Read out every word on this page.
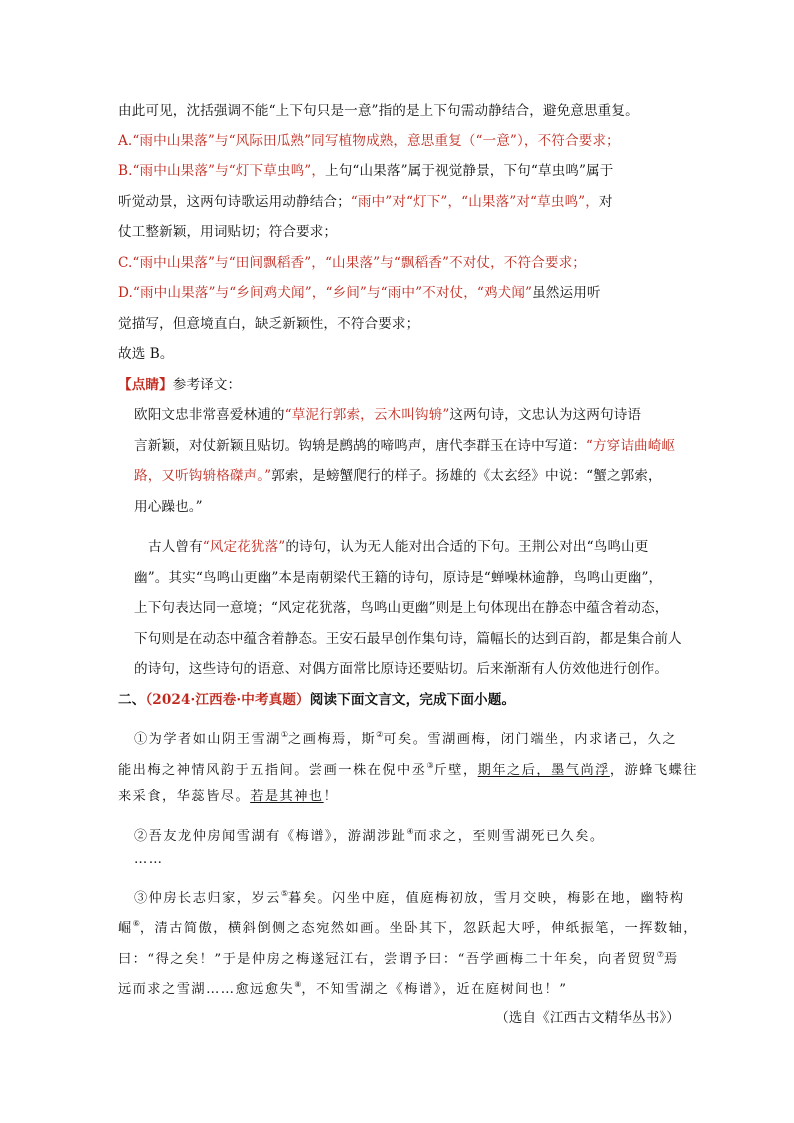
由此可见，沈括强调不能“上下句只是一意”指的是上下句需动静结合，避免意思重复。
A.“雨中山果落”与“风际田瓜熟”同写植物成熟，意思重复（“一意”），不符合要求；
B.“雨中山果落”与“灯下草虫鸣”，上句“山果落”属于视觉静景，下句“草虫鸣”属于
听觉动景，这两句诗歌运用动静结合；“雨中”对“灯下”，“山果落”对“草虫鸣”，对
仗工整新颖，用词贴切；符合要求；
C.“雨中山果落”与“田间飘稻香”，“山果落”与“飘稻香”不对仗，不符合要求；
D.“雨中山果落”与“乡间鸡犬闻”，“乡间”与“雨中”不对仗，“鸡犬闻”虽然运用听
觉描写，但意境直白，缺乏新颖性，不符合要求；
故选 B。
【点睛】参考译文：
欧阳文忠非常喜爱林逋的“草泥行郭索，云木叫钩辀”这两句诗，文忠认为这两句诗语
言新颖，对仗新颖且贴切。钩辀是鹧鸪的啼鸣声，唐代李群玉在诗中写道：“方穿诘曲崎岖
路，又听钩辀格磔声。”郭索，是螃蟹爬行的样子。扬雄的《太玄经》中说：“蟹之郭索，
用心躁也。”
古人曾有“风定花犹落”的诗句，认为无人能对出合适的下句。王荆公对出“鸟鸣山更
幽”。其实“鸟鸣山更幽”本是南朝梁代王籍的诗句，原诗是“蝉噪林逾静，鸟鸣山更幽”，
上下句表达同一意境；“风定花犹落，鸟鸣山更幽”则是上句体现出在静态中蕴含着动态，
下句则是在动态中蕴含着静态。王安石最早创作集句诗，篇幅长的达到百韵，都是集合前人
的诗句，这些诗句的语意、对偶方面常比原诗还要贴切。后来渐渐有人仿效他进行创作。
二、（2024·江西卷·中考真题）阅读下面文言文，完成下面小题。
①为学者如山阴王雪湖①之画梅焉，斯②可矣。雪湖画梅，闭门端坐，内求诸己，久之
能出梅之神情风韵于五指间。尝画一株在倪中丞③斤壁，期年之后，墨气尚浮，游蜂飞蝶往
来采食，华蕊皆尽。若是其神也！
②吾友龙仲房闻雪湖有《梅谱》，游湖涉趾④而求之，至则雪湖死已久矣。
……
③仲房长志归家，岁云⑤暮矣。闪坐中庭，值庭梅初放，雪月交映，梅影在地，幽特构
崛⑥，清古简傲，横斜倒侧之态宛然如画。坐卧其下，忽跃起大呼，伸纸振笔，一挥数轴，
曰：“得之矣！”于是仲房之梅遂冠江右，尝谓予曰：“吾学画梅二十年矣，向者贸贸⑦焉
远而求之雪湖……愈远愈失⑧，不知雪湖之《梅谱》，近在庭树间也！”
（选自《江西古文精华丛书》）
